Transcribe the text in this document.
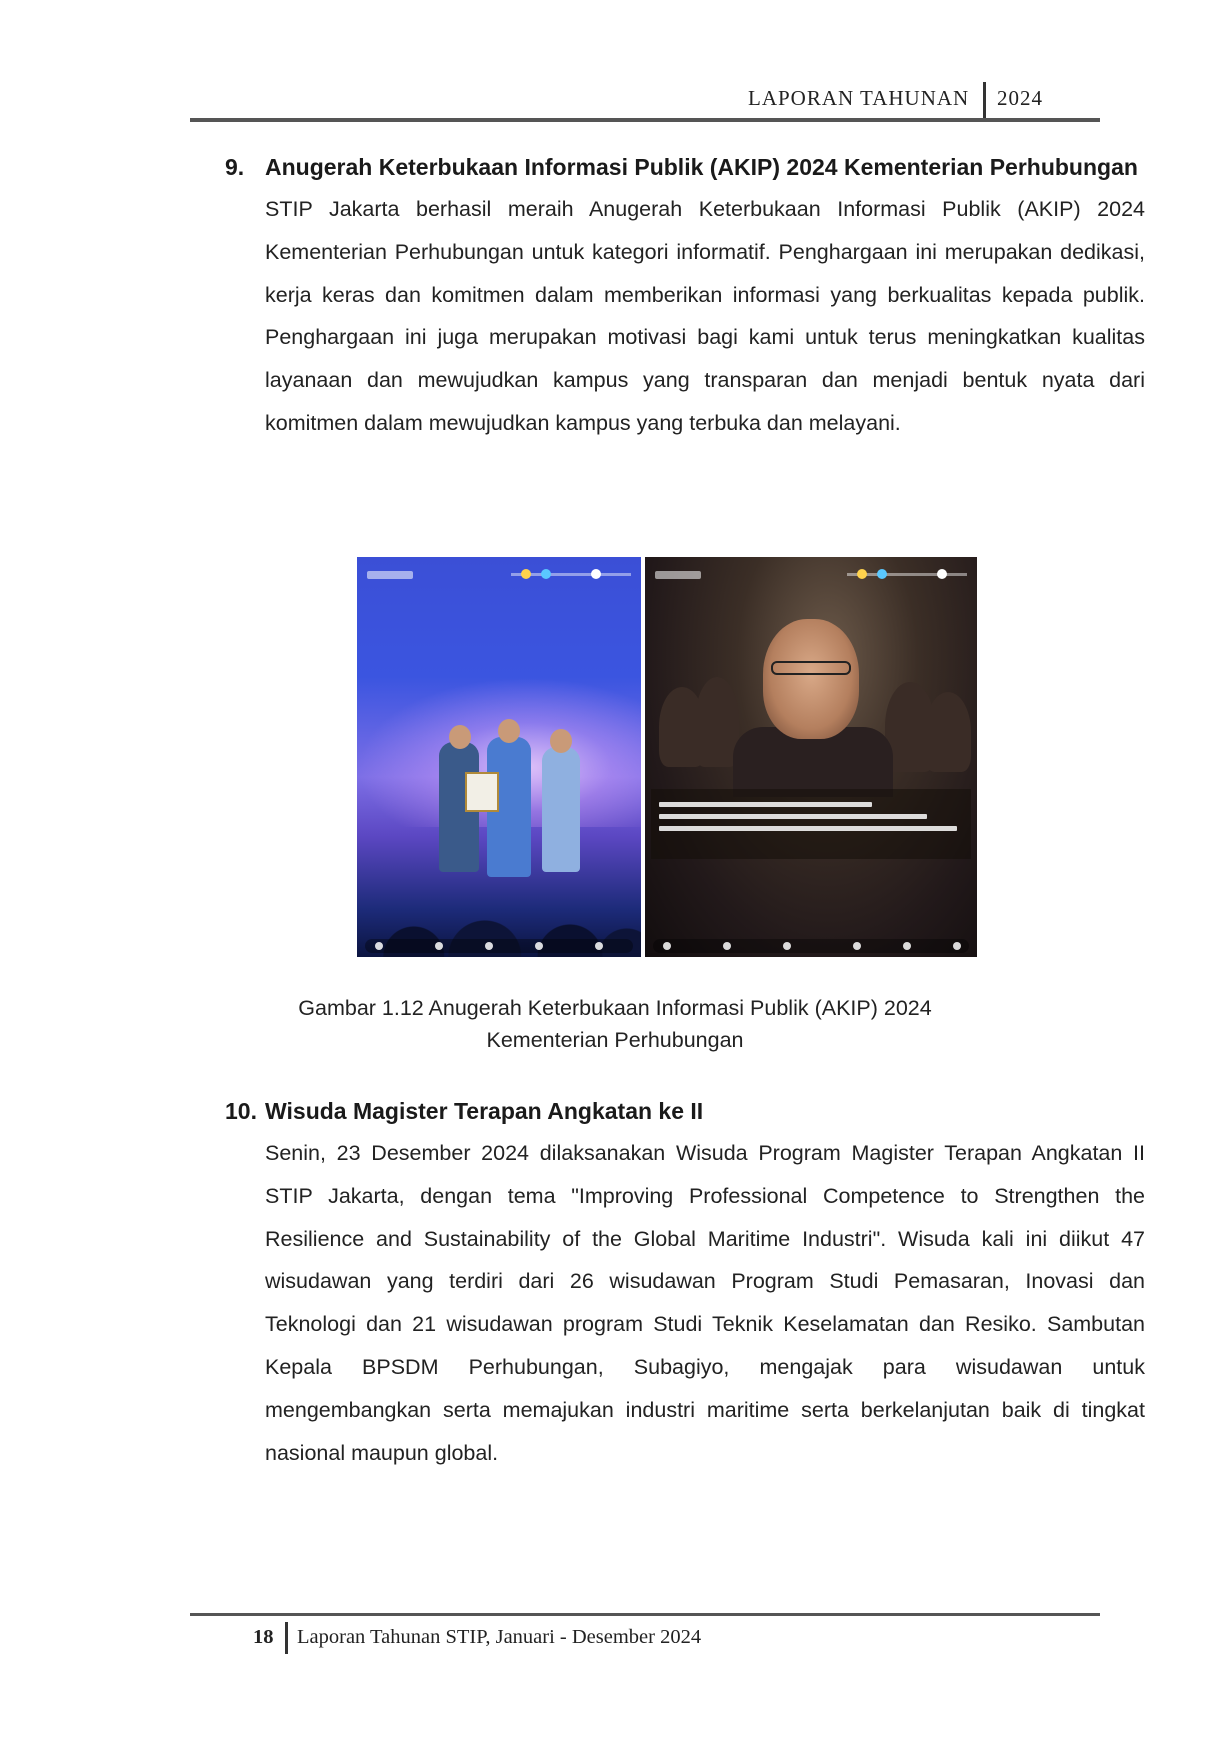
LAPORAN TAHUNAN 2024
9. Anugerah Keterbukaan Informasi Publik (AKIP) 2024 Kementerian Perhubungan
STIP Jakarta berhasil meraih Anugerah Keterbukaan Informasi Publik (AKIP) 2024 Kementerian Perhubungan untuk kategori informatif. Penghargaan ini merupakan dedikasi, kerja keras dan komitmen dalam memberikan informasi yang berkualitas kepada publik. Penghargaan ini juga merupakan motivasi bagi kami untuk terus meningkatkan kualitas layanaan dan mewujudkan kampus yang transparan dan menjadi bentuk nyata dari komitmen dalam mewujudkan kampus yang terbuka dan melayani.
Gambar 1.12 Anugerah Keterbukaan Informasi Publik (AKIP) 2024
Kementerian Perhubungan
10. Wisuda Magister Terapan Angkatan ke II
Senin, 23 Desember 2024 dilaksanakan Wisuda Program Magister Terapan Angkatan II STIP Jakarta, dengan tema "Improving Professional Competence to Strengthen the Resilience and Sustainability of the Global Maritime Industri". Wisuda kali ini diikut 47 wisudawan yang terdiri dari 26 wisudawan Program Studi Pemasaran, Inovasi dan Teknologi dan 21 wisudawan program Studi Teknik Keselamatan dan Resiko. Sambutan Kepala BPSDM Perhubungan, Subagiyo, mengajak para wisudawan untuk mengembangkan serta memajukan industri maritime serta berkelanjutan baik di tingkat nasional maupun global.
18 Laporan Tahunan STIP, Januari - Desember 2024
